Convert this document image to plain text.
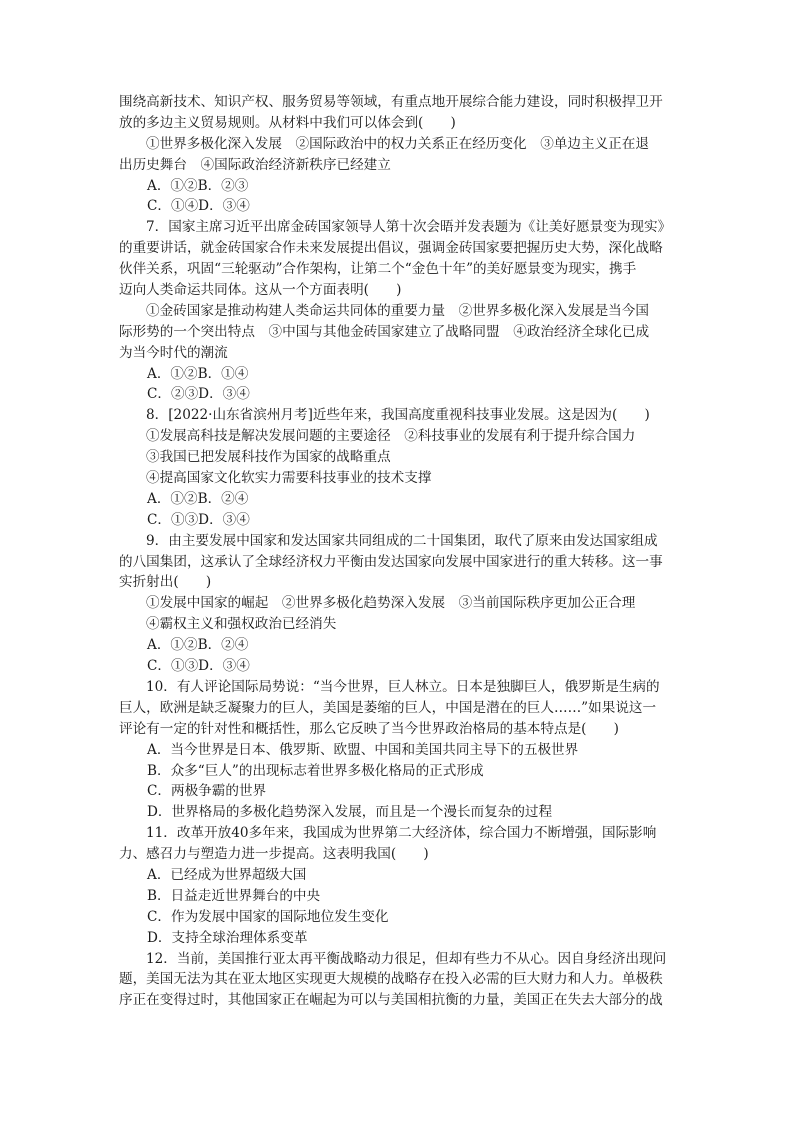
围绕高新技术、知识产权、服务贸易等领域，有重点地开展综合能力建设，同时积极捍卫开
放的多边主义贸易规则。从材料中我们可以体会到(　　)
①世界多极化深入发展　②国际政治中的权力关系正在经历变化　③单边主义正在退
出历史舞台　④国际政治经济新秩序已经建立
A．①②B．②③
C．①④D．③④
7．国家主席习近平出席金砖国家领导人第十次会晤并发表题为《让美好愿景变为现实》
的重要讲话，就金砖国家合作未来发展提出倡议，强调金砖国家要把握历史大势，深化战略
伙伴关系，巩固“三轮驱动”合作架构，让第二个“金色十年”的美好愿景变为现实，携手
迈向人类命运共同体。这从一个方面表明(　　)
①金砖国家是推动构建人类命运共同体的重要力量　②世界多极化深入发展是当今国
际形势的一个突出特点　③中国与其他金砖国家建立了战略同盟　④政治经济全球化已成
为当今时代的潮流
A．①②B．①④
C．②③D．③④
8．[2022·山东省滨州月考]近些年来，我国高度重视科技事业发展。这是因为(　　)
①发展高科技是解决发展问题的主要途径　②科技事业的发展有利于提升综合国力
③我国已把发展科技作为国家的战略重点
④提高国家文化软实力需要科技事业的技术支撑
A．①②B．②④
C．①③D．③④
9．由主要发展中国家和发达国家共同组成的二十国集团，取代了原来由发达国家组成
的八国集团，这承认了全球经济权力平衡由发达国家向发展中国家进行的重大转移。这一事
实折射出(　　)
①发展中国家的崛起　②世界多极化趋势深入发展　③当前国际秩序更加公正合理
④霸权主义和强权政治已经消失
A．①②B．②④
C．①③D．③④
10．有人评论国际局势说：“当今世界，巨人林立。日本是独脚巨人，俄罗斯是生病的
巨人，欧洲是缺乏凝聚力的巨人，美国是萎缩的巨人，中国是潜在的巨人……”如果说这一
评论有一定的针对性和概括性，那么它反映了当今世界政治格局的基本特点是(　　)
A．当今世界是日本、俄罗斯、欧盟、中国和美国共同主导下的五极世界
B．众多“巨人”的出现标志着世界多极化格局的正式形成
C．两极争霸的世界
D．世界格局的多极化趋势深入发展，而且是一个漫长而复杂的过程
11．改革开放40多年来，我国成为世界第二大经济体，综合国力不断增强，国际影响
力、感召力与塑造力进一步提高。这表明我国(　　)
A．已经成为世界超级大国
B．日益走近世界舞台的中央
C．作为发展中国家的国际地位发生变化
D．支持全球治理体系变革
12．当前，美国推行亚太再平衡战略动力很足，但却有些力不从心。因自身经济出现问
题，美国无法为其在亚太地区实现更大规模的战略存在投入必需的巨大财力和人力。单极秩
序正在变得过时，其他国家正在崛起为可以与美国相抗衡的力量，美国正在失去大部分的战
